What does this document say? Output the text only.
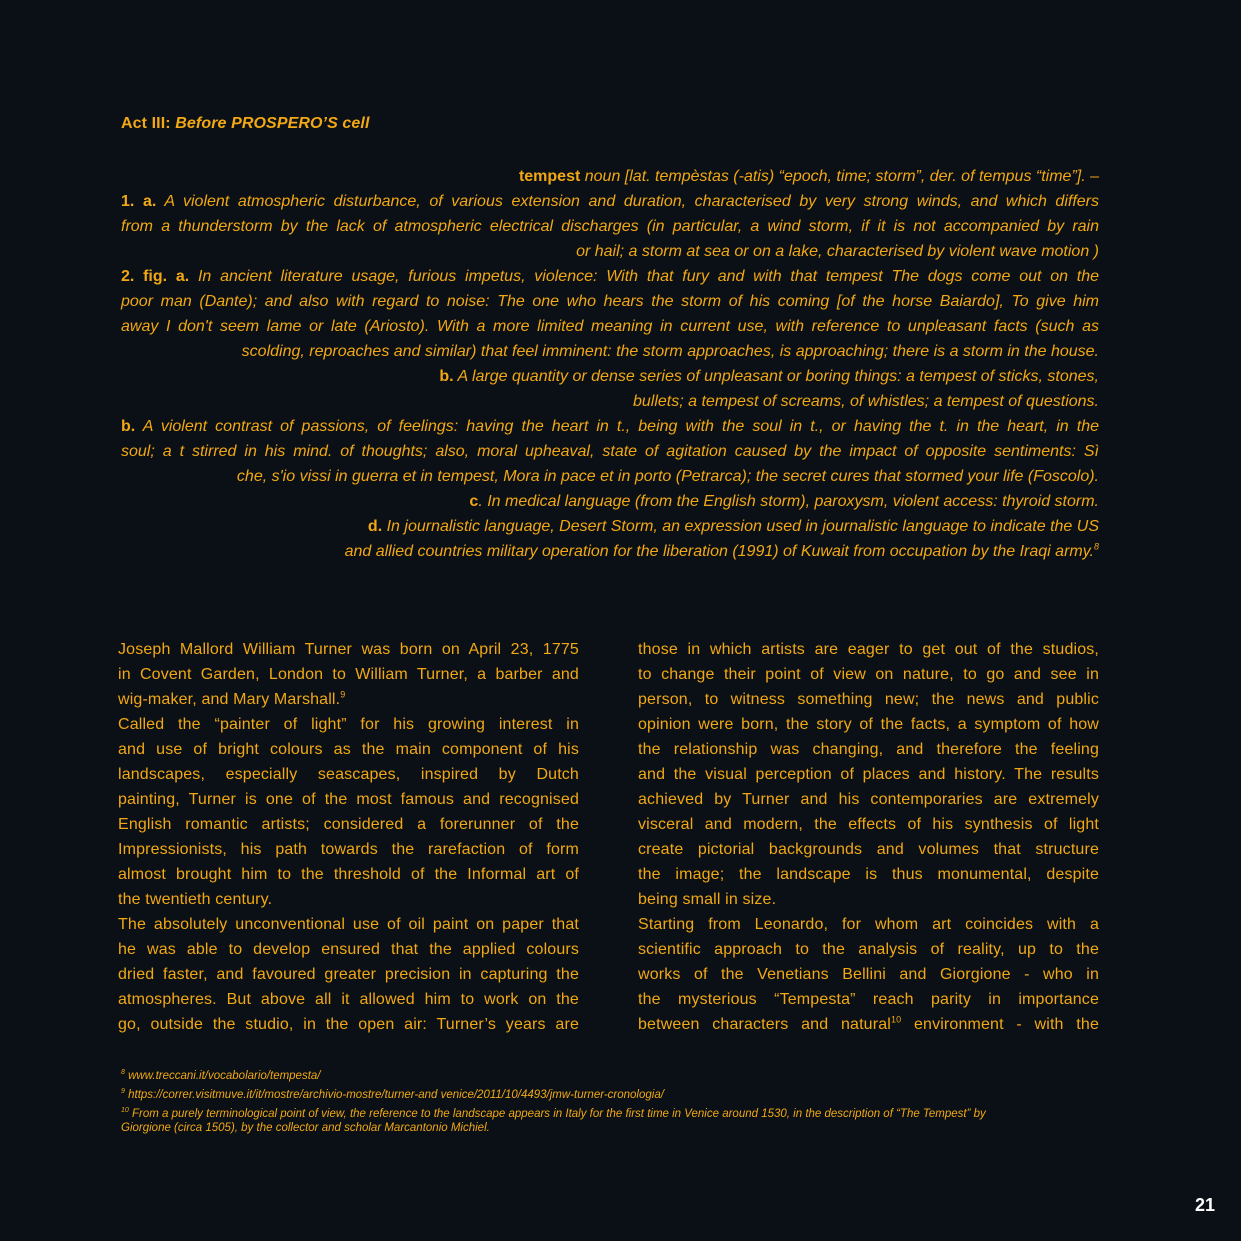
Act III: Before PROSPERO’S cell
tempest noun [lat. tempèstas (-atis) “epoch, time; storm”, der. of tempus “time”]. –
1. a. A violent atmospheric disturbance, of various extension and duration, characterised by very strong winds, and which differs
from a thunderstorm by the lack of atmospheric electrical discharges (in particular, a wind storm, if it is not accompanied by rain
or hail; a storm at sea or on a lake, characterised by violent wave motion )
2. fig. a. In ancient literature usage, furious impetus, violence: With that fury and with that tempest The dogs come out on the
poor man (Dante); and also with regard to noise: The one who hears the storm of his coming [of the horse Baiardo], To give him
away I don't seem lame or late (Ariosto). With a more limited meaning in current use, with reference to unpleasant facts (such as
scolding, reproaches and similar) that feel imminent: the storm approaches, is approaching; there is a storm in the house.
b. A large quantity or dense series of unpleasant or boring things: a tempest of sticks, stones,
bullets; a tempest of screams, of whistles; a tempest of questions.
b. A violent contrast of passions, of feelings: having the heart in t., being with the soul in t., or having the t. in the heart, in the
soul; a t stirred in his mind. of thoughts; also, moral upheaval, state of agitation caused by the impact of opposite sentiments: Sì
che, s'io vissi in guerra et in tempest, Mora in pace et in porto (Petrarca); the secret cures that stormed your life (Foscolo).
c. In medical language (from the English storm), paroxysm, violent access: thyroid storm.
d. In journalistic language, Desert Storm, an expression used in journalistic language to indicate the US
and allied countries military operation for the liberation (1991) of Kuwait from occupation by the Iraqi army.$^8$
Joseph Mallord William Turner was born on April 23, 1775
in Covent Garden, London to William Turner, a barber and
wig-maker, and Mary Marshall.$^9$
Called the “painter of light” for his growing interest in
and use of bright colours as the main component of his
landscapes, especially seascapes, inspired by Dutch
painting, Turner is one of the most famous and recognised
English romantic artists; considered a forerunner of the
Impressionists, his path towards the rarefaction of form
almost brought him to the threshold of the Informal art of
the twentieth century.
The absolutely unconventional use of oil paint on paper that
he was able to develop ensured that the applied colours
dried faster, and favoured greater precision in capturing the
atmospheres. But above all it allowed him to work on the
go, outside the studio, in the open air: Turner’s years are
those in which artists are eager to get out of the studios,
to change their point of view on nature, to go and see in
person, to witness something new; the news and public
opinion were born, the story of the facts, a symptom of how
the relationship was changing, and therefore the feeling
and the visual perception of places and history. The results
achieved by Turner and his contemporaries are extremely
visceral and modern, the effects of his synthesis of light
create pictorial backgrounds and volumes that structure
the image; the landscape is thus monumental, despite
being small in size.
Starting from Leonardo, for whom art coincides with a
scientific approach to the analysis of reality, up to the
works of the Venetians Bellini and Giorgione - who in
the mysterious “Tempesta” reach parity in importance
between characters and natural$^{10}$ environment - with the
$^8$ www.treccani.it/vocabolario/tempesta/
$^9$ https://correr.visitmuve.it/it/mostre/archivio-mostre/turner-and venice/2011/10/4493/jmw-turner-cronologia/
$^{10}$ From a purely terminological point of view, the reference to the landscape appears in Italy for the first time in Venice around 1530, in the description of “The Tempest” by
Giorgione (circa 1505), by the collector and scholar Marcantonio Michiel.
21
